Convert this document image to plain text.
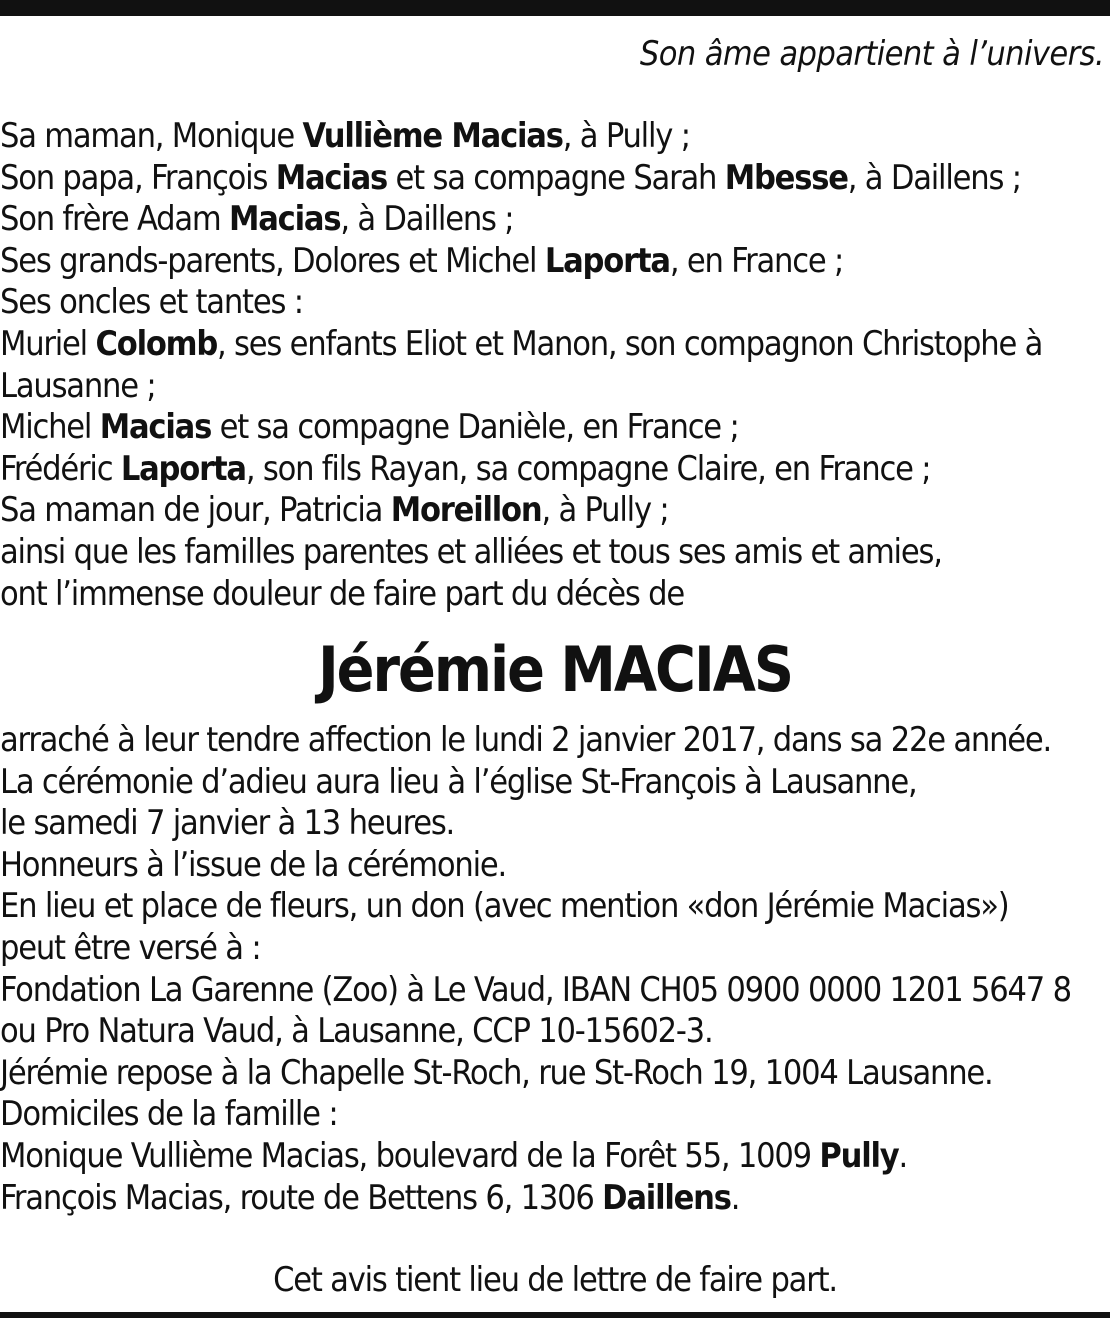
Son âme appartient à l’univers.
Sa maman, Monique Vullième Macias, à Pully ;
Son papa, François Macias et sa compagne Sarah Mbesse, à Daillens ;
Son frère Adam Macias, à Daillens ;
Ses grands-parents, Dolores et Michel Laporta, en France ;
Ses oncles et tantes :
Muriel Colomb, ses enfants Eliot et Manon, son compagnon Christophe à
Lausanne ;
Michel Macias et sa compagne Danièle, en France ;
Frédéric Laporta, son fils Rayan, sa compagne Claire, en France ;
Sa maman de jour, Patricia Moreillon, à Pully ;
ainsi que les familles parentes et alliées et tous ses amis et amies,
ont l’immense douleur de faire part du décès de
Jérémie MACIAS
arraché à leur tendre affection le lundi 2 janvier 2017, dans sa 22e année.
La cérémonie d’adieu aura lieu à l’église St-François à Lausanne,
le samedi 7 janvier à 13 heures.
Honneurs à l’issue de la cérémonie.
En lieu et place de fleurs, un don (avec mention «don Jérémie Macias»)
peut être versé à :
Fondation La Garenne (Zoo) à Le Vaud, IBAN CH05 0900 0000 1201 5647 8
ou Pro Natura Vaud, à Lausanne, CCP 10-15602-3.
Jérémie repose à la Chapelle St-Roch, rue St-Roch 19, 1004 Lausanne.
Domiciles de la famille :
Monique Vullième Macias, boulevard de la Forêt 55, 1009 Pully.
François Macias, route de Bettens 6, 1306 Daillens.
Cet avis tient lieu de lettre de faire part.
